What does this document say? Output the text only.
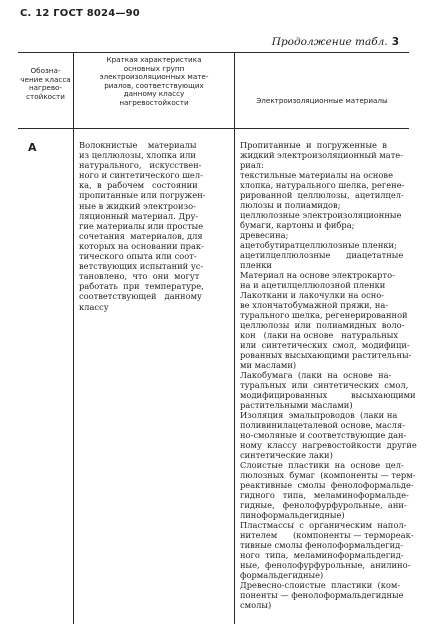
С. 12 ГОСТ 8024—90
Продолжение табл. 3
Обозна-
чение класса
нагрево-
стойкости
Краткая характеристика
основных групп
электроизоляционных мате-
риалов, соответствующих
данному классу
нагревостойкости	Электроизоляционные материалы
А	Волокнистые    материалы
из целлюлозы, хлопка или
натурального,   искусствен-
ного и синтетического шел-
ка,  в  рабочем   состоянии
пропитанные или погружен-
ные в жидкий электроизо-
ляционный материал. Дру-
гие материалы или простые
сочетания  материалов, для
которых на основании прак-
тического опыта или соот-
ветствующих испытаний ус-
тановлено,  что  они  могут
работать  при  температуре,
соответствующей   данному
классу
Пропитанные  и  погруженные  в
жидкий электроизоляционный мате-
риал:
текстильные материалы на основе
хлопка, натурального шелка, регене-
рированной  целлюлозы,  ацетилцел-
люлозы и полиамидов;
целлюлозные электроизоляционные
бумаги, картоны и фибра;
древесина;
ацетобутиратцеллюлозные пленки;
ацетилцеллюлозные      диацетатные
пленки
Материал на основе электрокарто-
на и ацетилцеллюлозной пленки
Лакоткани и лакочулки на осно-
ве хлончатобумажной пряжи, на-
турального шелка, регенерированной
целлюлозы  или  полиамидных  воло-
кон   (лаки на основе   натуральных
или  синтетических  смол,  модифици-
рованных высыхающими растительны-
ми маслами)
Лакобумага  (лаки  на  основе  на-
туральных  или  синтетических  смол,
модифицированных         высыхающими
растительными маслами)
Изоляция  эмальпроводов  (лаки на
поливинилацеталевой основе, масля-
но-смоляные и соответствующие дан-
ному  классу  нагревостойкости  другие
синтетические лаки)
Слоистые  пластики  на  основе  цел-
люлозных  бумаг  (компоненты — терм-
реактивные  смолы  фенолоформальде-
гидного   типа,   меламиноформальде-
гидные,   фенолофурфурольные,  ани-
линоформальдегидные)
Пластмассы  с  органическим  напол-
нителем      (компоненты — термореак-
тивные смолы фенолоформальдегид-
ного  типа,  меламиноформальдегид-
ные,  фенолофурфурольные,  анилино-
формальдегидные)
Древесно-слоистые  пластики  (ком-
поненты — фенолоформальдегидные
смолы)
